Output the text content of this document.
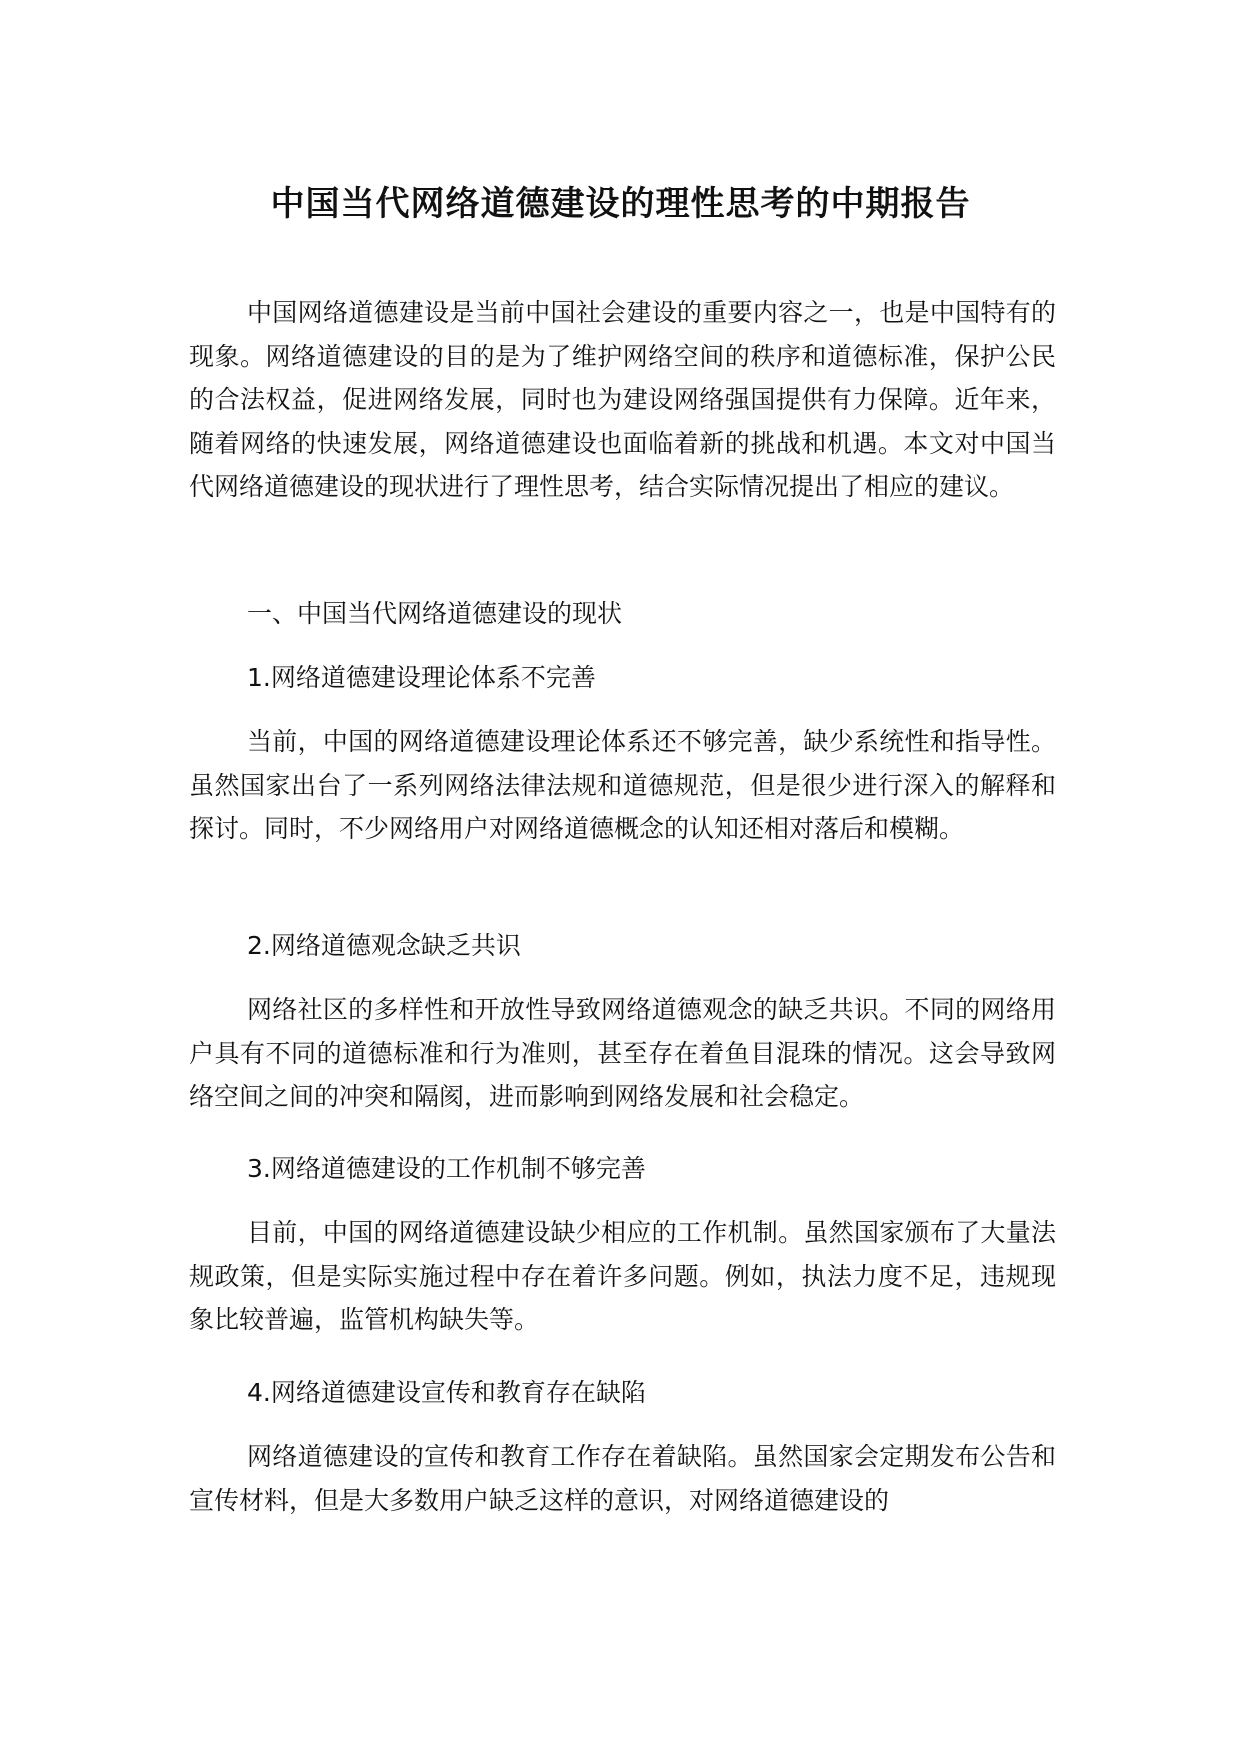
中国当代网络道德建设的理性思考的中期报告

中国网络道德建设是当前中国社会建设的重要内容之一，也是中国特有的现象。网络道德建设的目的是为了维护网络空间的秩序和道德标准，保护公民的合法权益，促进网络发展，同时也为建设网络强国提供有力保障。近年来，随着网络的快速发展，网络道德建设也面临着新的挑战和机遇。本文对中国当代网络道德建设的现状进行了理性思考，结合实际情况提出了相应的建议。

一、中国当代网络道德建设的现状

1.网络道德建设理论体系不完善

当前，中国的网络道德建设理论体系还不够完善，缺少系统性和指导性。虽然国家出台了一系列网络法律法规和道德规范，但是很少进行深入的解释和探讨。同时，不少网络用户对网络道德概念的认知还相对落后和模糊。

2.网络道德观念缺乏共识

网络社区的多样性和开放性导致网络道德观念的缺乏共识。不同的网络用户具有不同的道德标准和行为准则，甚至存在着鱼目混珠的情况。这会导致网络空间之间的冲突和隔阂，进而影响到网络发展和社会稳定。

3.网络道德建设的工作机制不够完善

目前，中国的网络道德建设缺少相应的工作机制。虽然国家颁布了大量法规政策，但是实际实施过程中存在着许多问题。例如，执法力度不足，违规现象比较普遍，监管机构缺失等。

4.网络道德建设宣传和教育存在缺陷

网络道德建设的宣传和教育工作存在着缺陷。虽然国家会定期发布公告和宣传材料，但是大多数用户缺乏这样的意识，对网络道德建设的
